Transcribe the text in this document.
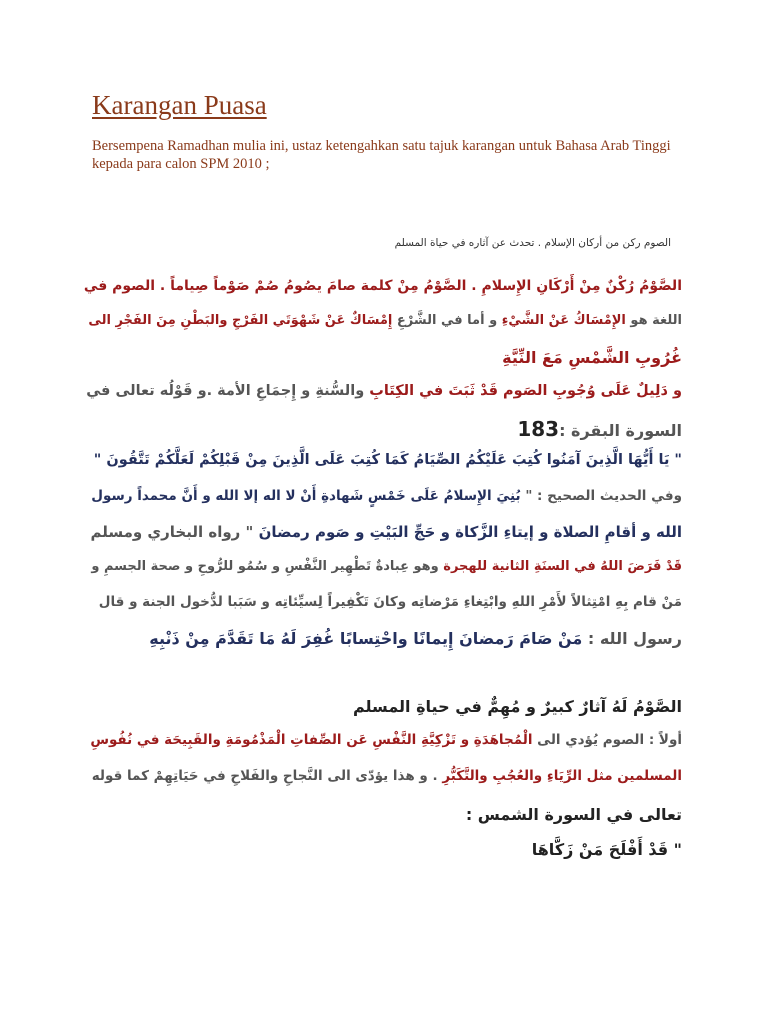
Karangan Puasa
Bersempena Ramadhan mulia ini, ustaz ketengahkan satu tajuk karangan untuk Bahasa Arab Tinggi kepada para calon SPM 2010 ;
الصوم ركن من أركان الإسلام . تحدث عن آثاره في حياة المسلم
الصَّوْمُ رُكْنٌ مِنْ أَرْكَانِ الإِسلامِ . الصَّوْمُ مِنْ كلمة صامَ يصُومُ صُمْ صَوْماً صِياماً . الصوم في
اللغة هو الإِمْسَاكُ عَنْ الشَّيْءِ و أما في الشَّرْعِ إِمْسَاكٌ عَنْ شَهْوَتَي الفَرْجِ والبَطْنِ مِنَ الفَجْرِ الى
غُرُوبِ الشَّمْسِ مَعَ النِّيَّةِ
و دَلِيلٌ عَلَى وُجُوبِ الصَوم قَدْ ثَبَتَ في الكِتَابِ والسُّنةِ و إِجمَاعِ الأمة .و قَوْلُه تعالى في
السورة البقرة :183
" يَا أَيُّهَا الَّذِينَ آمَنُوا كُتِبَ عَلَيْكُمُ الصِّيَامُ كَمَا كُتِبَ عَلَى الَّذِينَ مِنْ قَبْلِكُمْ لَعَلَّكُمْ تَتَّقُونَ "
وفي الحديث الصحيح : " بُنِيَ الإِسلامُ عَلَى خَمْسٍ شَهادةِ أَنْ لا اله إلا الله و أَنَّ محمداً رسول
الله و أقامِ الصلاة و إيتاءِ الزَّكاة و حَجِّ البَيْتِ و صَوم رمضانَ " رواه البخاري ومسلم
قَدْ فَرَضَ اللهُ في السنَةِ الثانية للهجرة وهو عِبادةٌ تَطْهِير النَّفْسِ و سُمُو للرُّوحِ و صحة الجسمِ و
مَنْ قام بِهِ امْتِثالاً لأَمْرِ اللهِ وابْتِغاءِ مَرْضاتِه وكانَ تَكْفِيراً لِسيِّئاتِه و سَبَبا لدُّخول الجنة و قال
رسول الله : مَنْ صَامَ رَمضانَ إِيمانًا واحْتِسابًا غُفِرَ لَهُ مَا تَقَدَّمَ مِنْ ذَنْبِهِ
الصَّوْمُ لَهُ آثارٌ كبيرٌ و مُهِمٌّ في حياةِ المسلم
أولاً : الصوم يُؤدي الى الْمُجاهَدَةِ و تَزْكِيَّةِ النَّفْسِ عَن الصِّفاتِ الْمَذْمُومَةِ والقَبِيحَة في نُفُوسِ
المسلمين مثل الرِّيَاءِ والعُجُبِ والتَّكَبُّرِ . و هذا يؤدّى الى النَّجاحِ والفَلاحِ في حَيَاتِهِمْ كما قوله
تعالى في السورة الشمس :
" قَدْ أَفْلَحَ مَنْ زَكَّاهَا
